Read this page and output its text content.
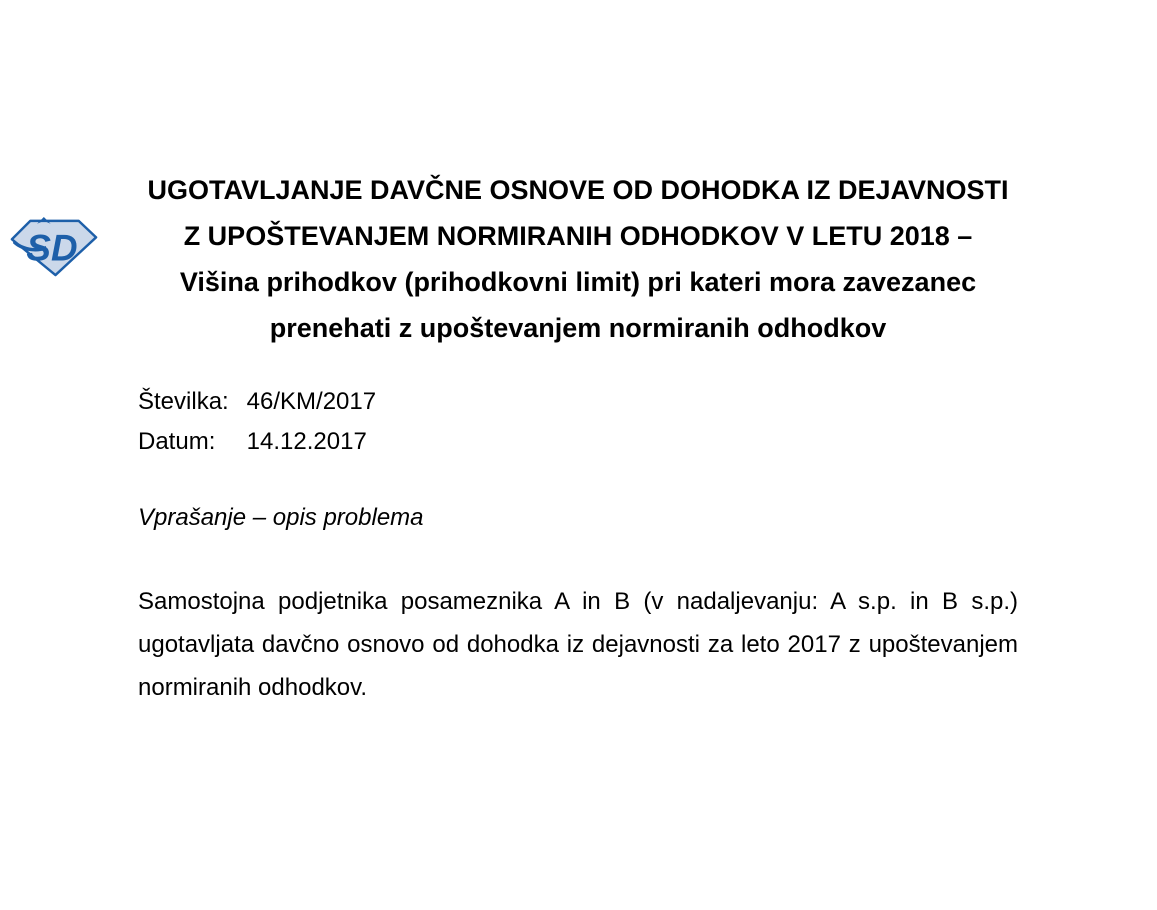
SD
UGOTAVLJANJE DAVČNE OSNOVE OD DOHODKA IZ DEJAVNOSTI
Z UPOŠTEVANJEM NORMIRANIH ODHODKOV V LETU 2018 –
Višina prihodkov (prihodkovni limit) pri kateri mora zavezanec
prenehati z upoštevanjem normiranih odhodkov
Številka: 46/KM/2017
Datum: 14.12.2017
Vprašanje – opis problema

Samostojna podjetnika posameznika A in B (v nadaljevanju: A s.p. in B s.p.) ugotavljata davčno osnovo od dohodka iz dejavnosti za leto 2017 z upoštevanjem normiranih odhodkov.
